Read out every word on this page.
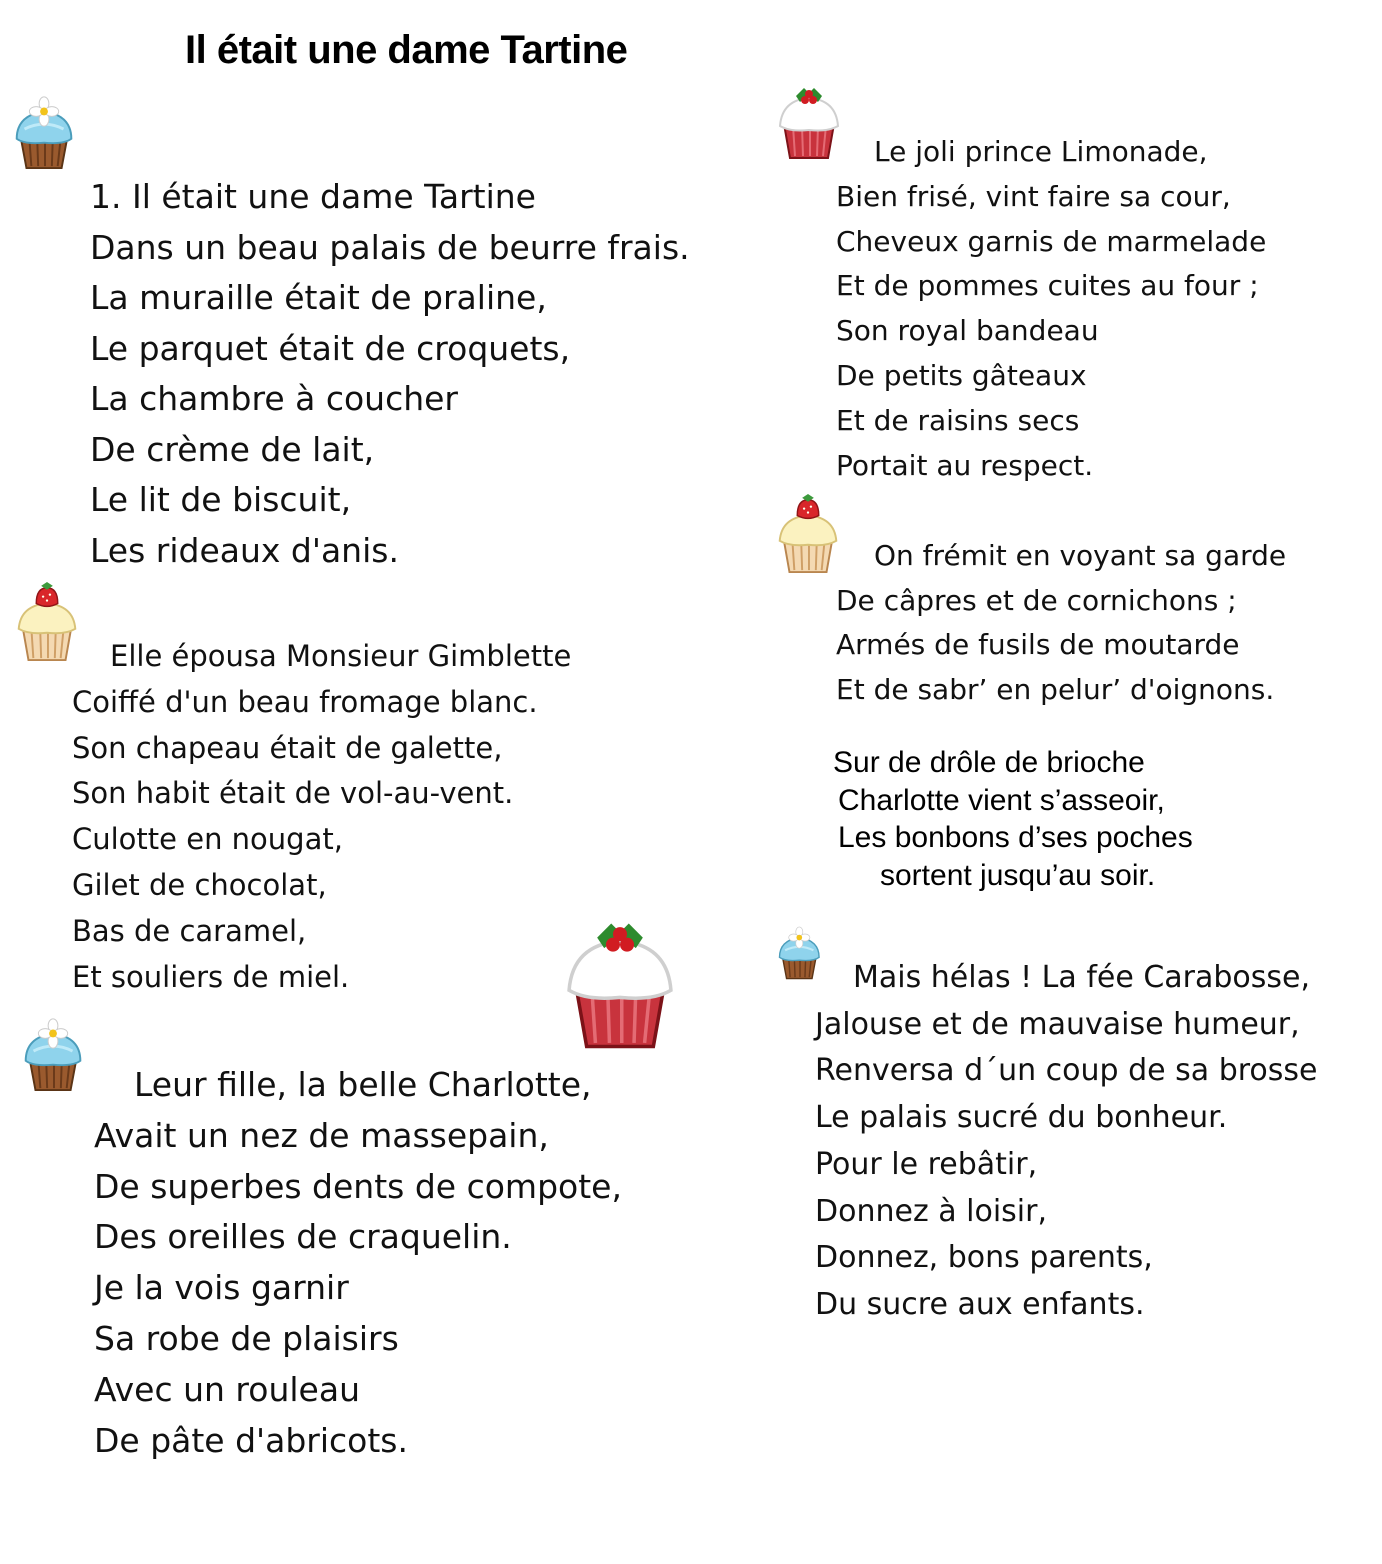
Il était une dame Tartine
1. Il était une dame Tartine
Dans un beau palais de beurre frais.
La muraille était de praline,
Le parquet était de croquets,
La chambre à coucher
De crème de lait,
Le lit de biscuit,
Les rideaux d'anis.
Elle épousa Monsieur Gimblette
Coiffé d'un beau fromage blanc.
Son chapeau était de galette,
Son habit était de vol-au-vent.
Culotte en nougat,
Gilet de chocolat,
Bas de caramel,
Et souliers de miel.
Leur fille, la belle Charlotte,
Avait un nez de massepain,
De superbes dents de compote,
Des oreilles de craquelin.
Je la vois garnir
Sa robe de plaisirs
Avec un rouleau
De pâte d'abricots.
Le joli prince Limonade,
Bien frisé, vint faire sa cour,
Cheveux garnis de marmelade
Et de pommes cuites au four ;
Son royal bandeau
De petits gâteaux
Et de raisins secs
Portait au respect.
On frémit en voyant sa garde
De câpres et de cornichons ;
Armés de fusils de moutarde
Et de sabr’ en pelur’ d'oignons.
Sur de drôle de brioche
Charlotte vient s’asseoir,
Les bonbons d’ses poches
sortent jusqu’au soir.
Mais hélas ! La fée Carabosse,
Jalouse et de mauvaise humeur,
Renversa d´un coup de sa brosse
Le palais sucré du bonheur.
Pour le rebâtir,
Donnez à loisir,
Donnez, bons parents,
Du sucre aux enfants.
